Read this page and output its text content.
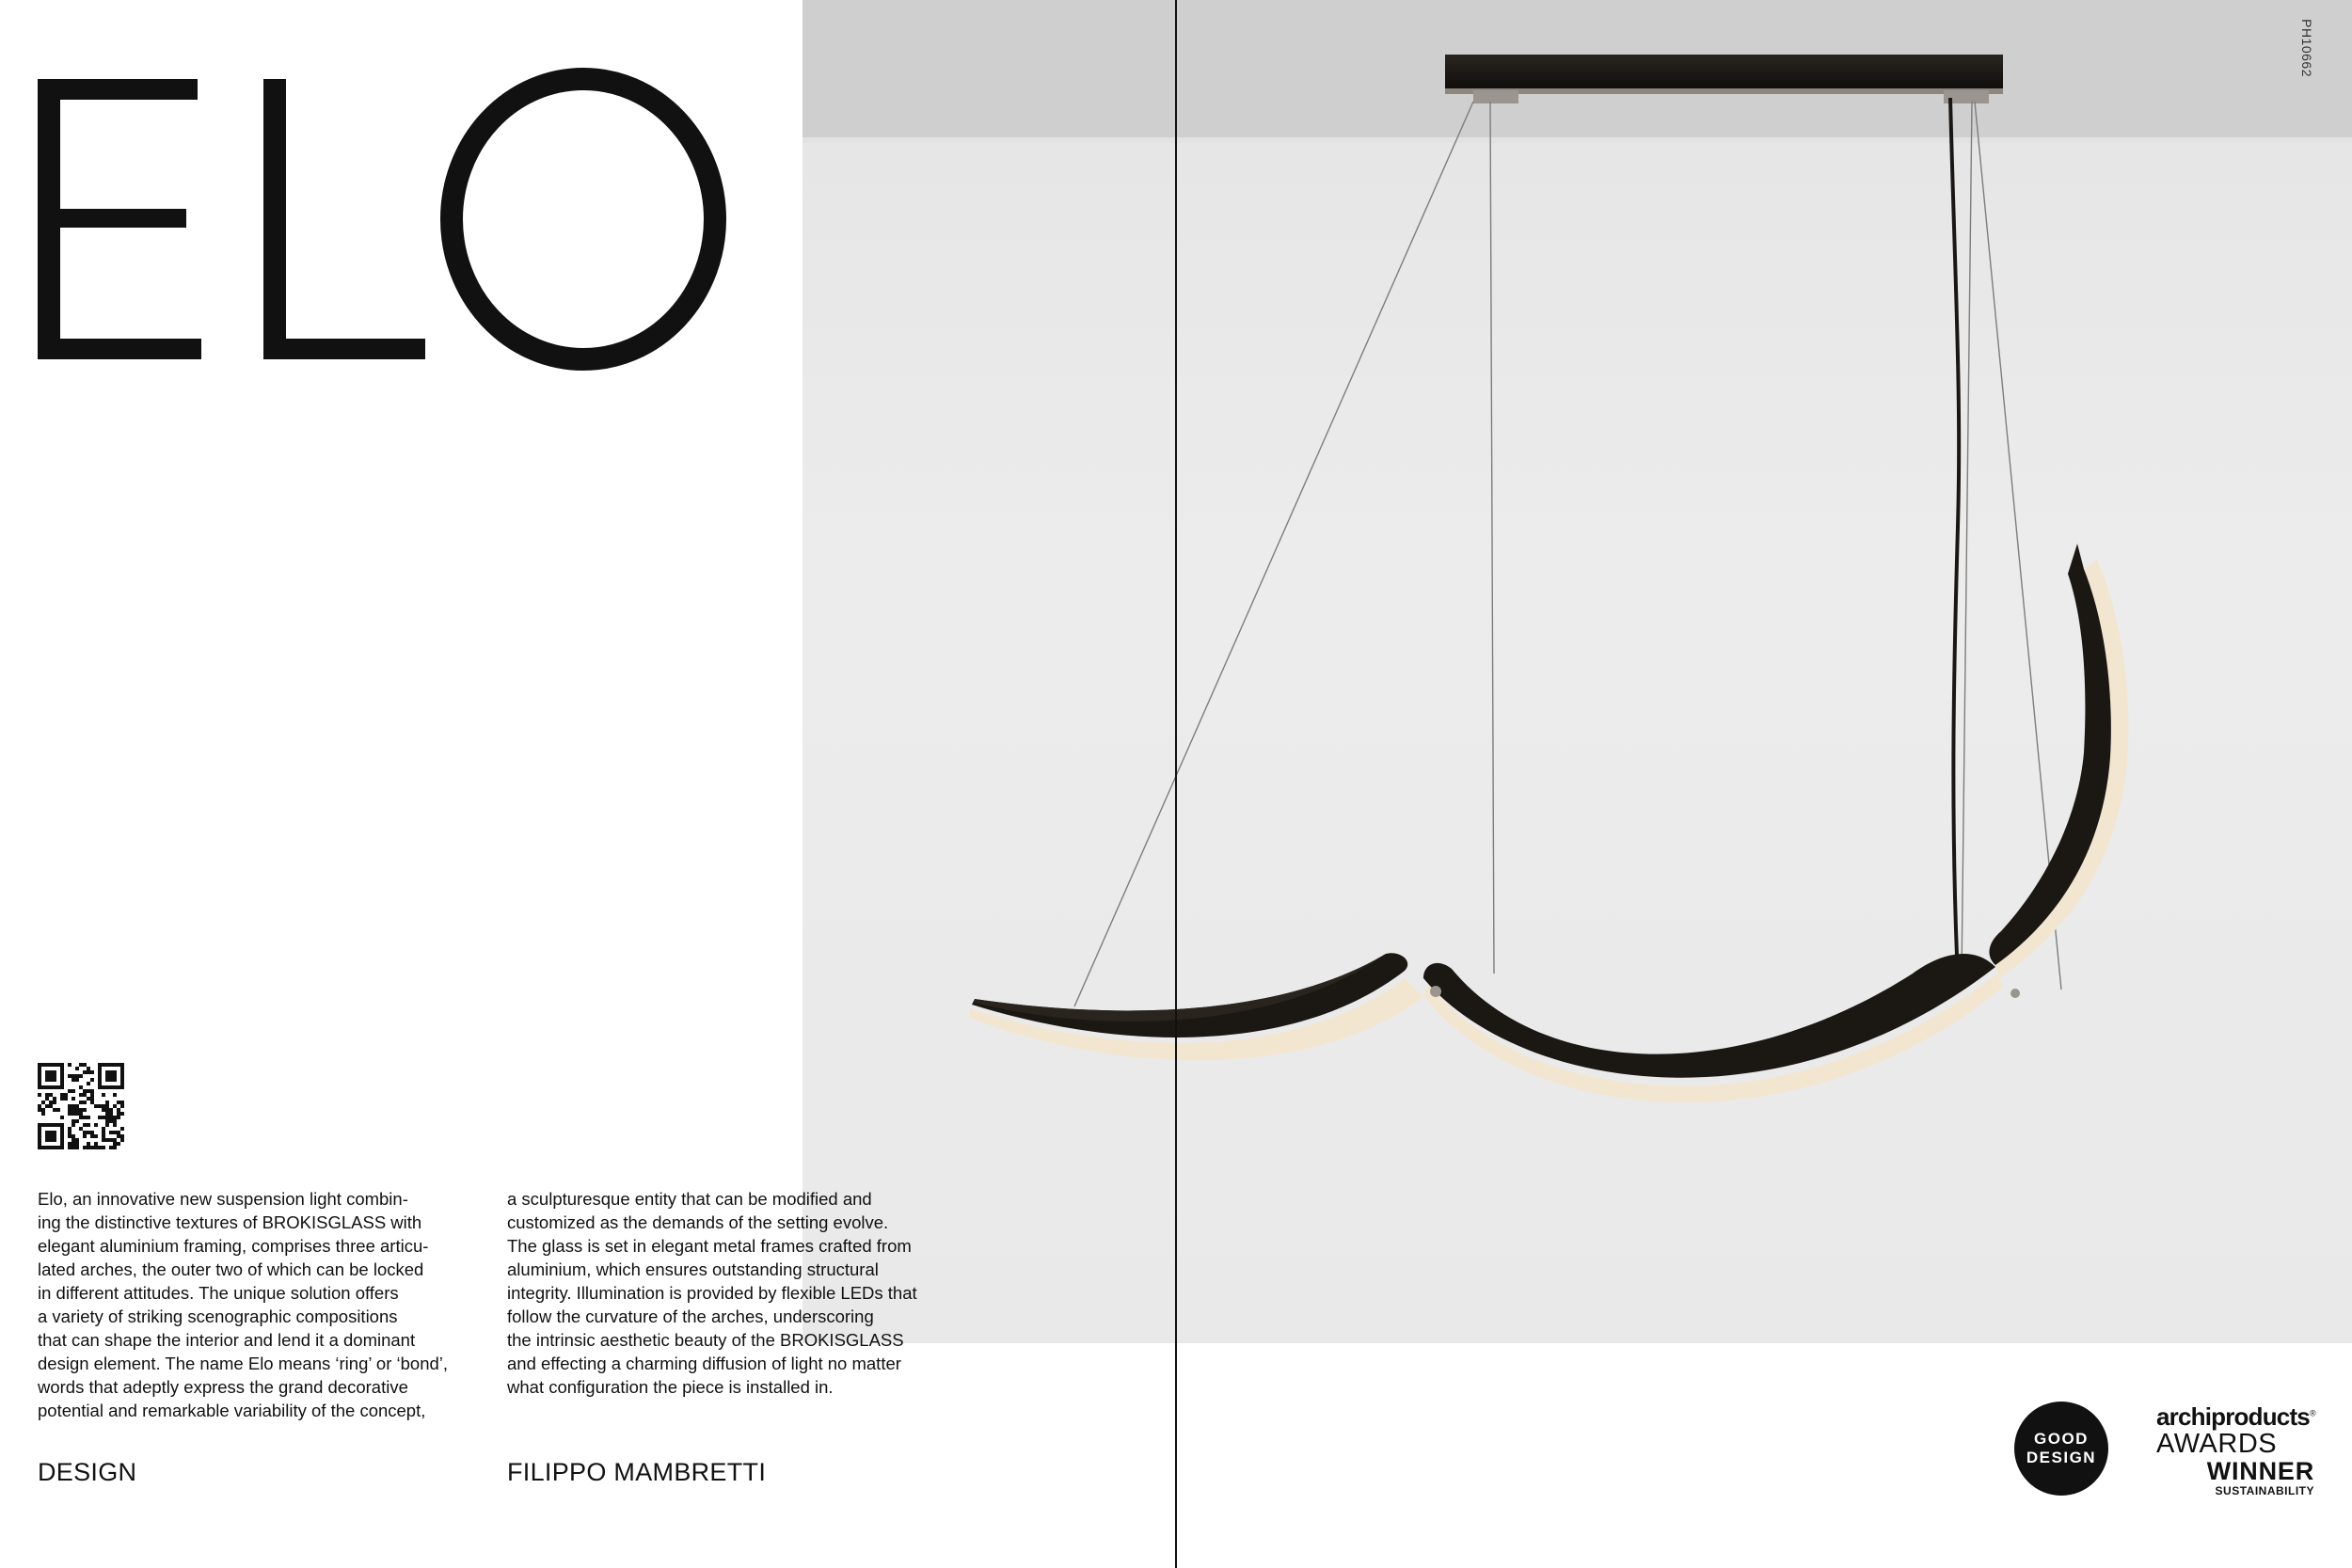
PH10662

Elo, an innovative new suspension light combin-

ing the distinctive textures of BROKISGLASS with

elegant aluminium framing, comprises three articu-

lated arches, the outer two of which can be locked

in different attitudes. The unique solution offers

a variety of striking scenographic compositions

that can shape the interior and lend it a dominant

design element. The name Elo means ‘ring’ or ‘bond’,

words that adeptly express the grand decorative

potential and remarkable variability of the concept,

a sculpturesque entity that can be modified and

customized as the demands of the setting evolve.

The glass is set in elegant metal frames crafted from

aluminium, which ensures outstanding structural

integrity. Illumination is provided by flexible LEDs that

follow the curvature of the arches, underscoring

the intrinsic aesthetic beauty of the BROKISGLASS

and effecting a charming diffusion of light no matter

what configuration the piece is installed in.

DESIGN	FILIPPO MAMBRETTI
GOOD
DESIGN
archiproducts®
AWARDS
WINNER
SUSTAINABILITY
